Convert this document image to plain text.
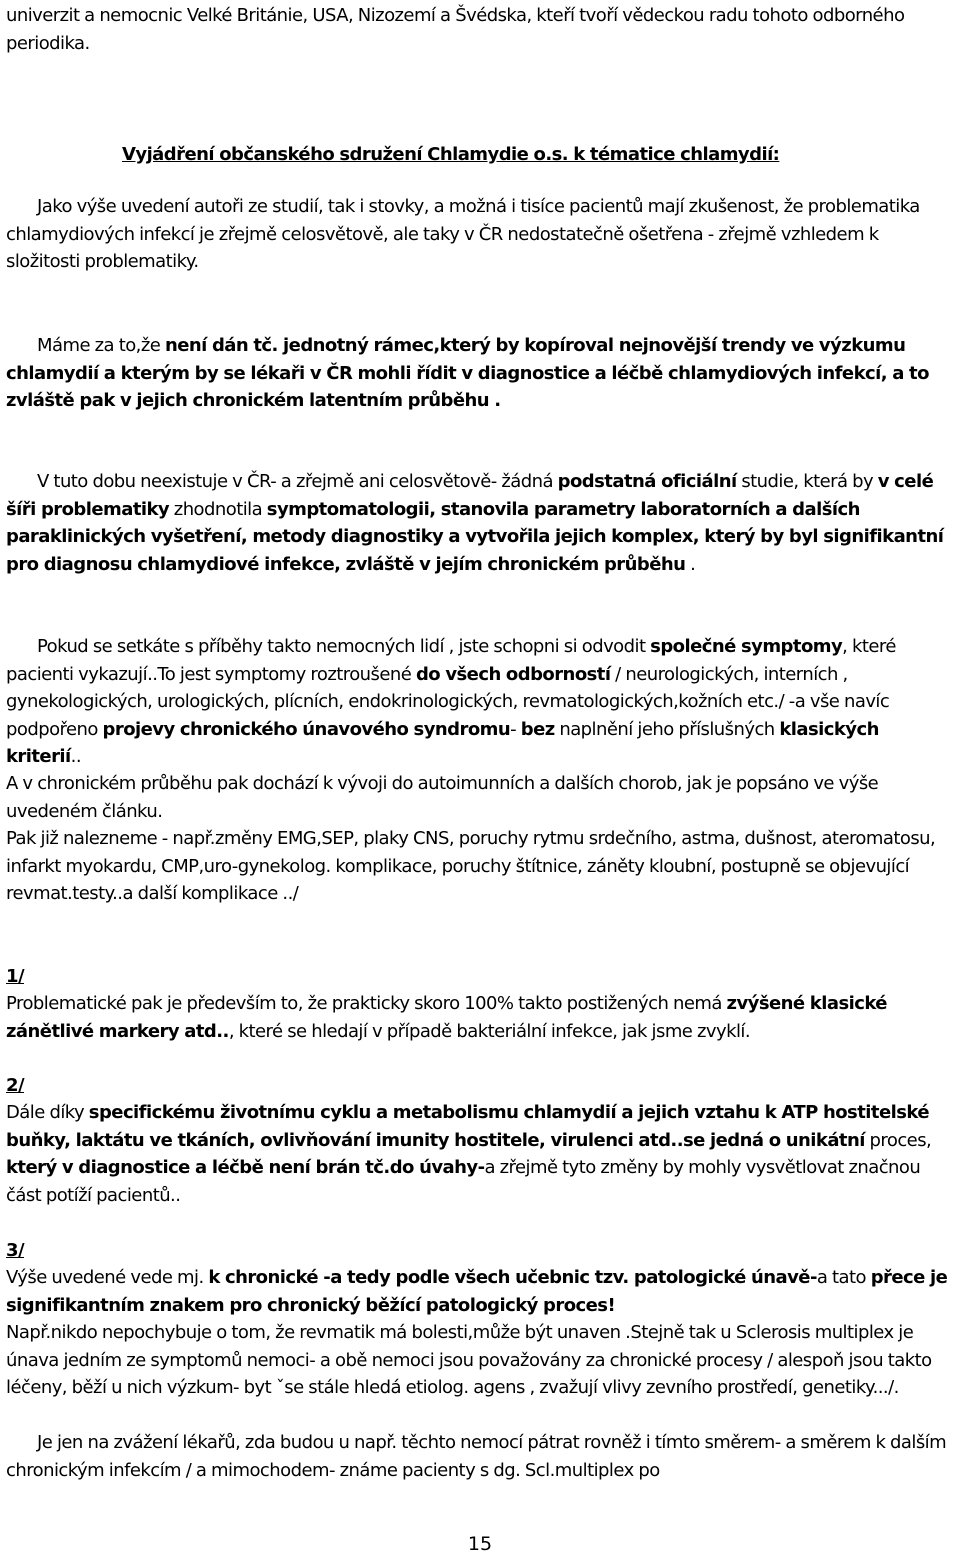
15

univerzit a nemocnic Velké Británie, USA, Nizozemí a Švédska, kteří tvoří vědeckou radu tohoto odborného periodika.

Vyjádření občanského sdružení Chlamydie o.s. k tématice chlamydií:

Jako výše uvedení autoři ze studií, tak i stovky, a možná i tisíce pacientů mají zkušenost, že problematika chlamydiových infekcí je zřejmě celosvětově, ale taky v ČR nedostatečně ošetřena - zřejmě vzhledem k složitosti problematiky.

Máme za to,že není dán tč. jednotný rámec,který by kopíroval nejnovější trendy ve výzkumu chlamydií a kterým by se lékaři v ČR mohli řídit v diagnostice a léčbě chlamydiových infekcí, a to zvláště pak v jejich chronickém latentním průběhu .

V tuto dobu neexistuje v ČR- a zřejmě ani celosvětově- žádná podstatná oficiální studie, která by v celé šíři problematiky zhodnotila symptomatologii, stanovila parametry laboratorních a dalších paraklinických vyšetření, metody diagnostiky a vytvořila jejich komplex, který by byl signifikantní pro diagnosu chlamydiové infekce, zvláště v jejím chronickém průběhu .

Pokud se setkáte s příběhy takto nemocných lidí , jste schopni si odvodit společné symptomy, které pacienti vykazují..To jest symptomy roztroušené do všech odborností / neurologických, interních , gynekologických, urologických, plícních, endokrinologických, revmatologických,kožních etc./ -a vše navíc podpořeno projevy chronického únavového syndromu- bez naplnění jeho příslušných klasických kriterií..

A v chronickém průběhu pak dochází k vývoji do autoimunních a dalších chorob, jak je popsáno ve výše uvedeném článku.

Pak již nalezneme - např.změny EMG,SEP, plaky CNS, poruchy rytmu srdečního, astma, dušnost, ateromatosu, infarkt myokardu, CMP,uro-gynekolog. komplikace, poruchy štítnice, záněty kloubní, postupně se objevující revmat.testy..a další komplikace ../

1/

Problematické pak je především to, že prakticky skoro 100% takto postižených nemá zvýšené klasické zánětlivé markery atd.., které se hledají v případě bakteriální infekce, jak jsme zvyklí.

2/

Dále díky specifickému životnímu cyklu a metabolismu chlamydií a jejich vztahu k ATP hostitelské buňky, laktátu ve tkáních, ovlivňování imunity hostitele, virulenci atd..se jedná o unikátní proces, který v diagnostice a léčbě není brán tč.do úvahy-a zřejmě tyto změny by mohly vysvětlovat značnou část potíží pacientů..

3/

Výše uvedené vede mj. k chronické -a tedy podle všech učebnic tzv. patologické únavě-a tato přece je signifikantním znakem pro chronický běžící patologický proces!

Např.nikdo nepochybuje o tom, že revmatik má bolesti,může být unaven .Stejně tak u Sclerosis multiplex je únava jedním ze symptomů nemoci- a obě nemoci jsou považovány za chronické procesy / alespoň jsou takto léčeny, běží u nich výzkum- byt ˇse stále hledá etiolog. agens , zvažují vlivy zevního prostředí, genetiky.../.

Je jen na zvážení lékařů, zda budou u např. těchto nemocí pátrat rovněž i tímto směrem- a směrem k dalším chronickým infekcím / a mimochodem- známe pacienty s dg. Scl.multiplex po
